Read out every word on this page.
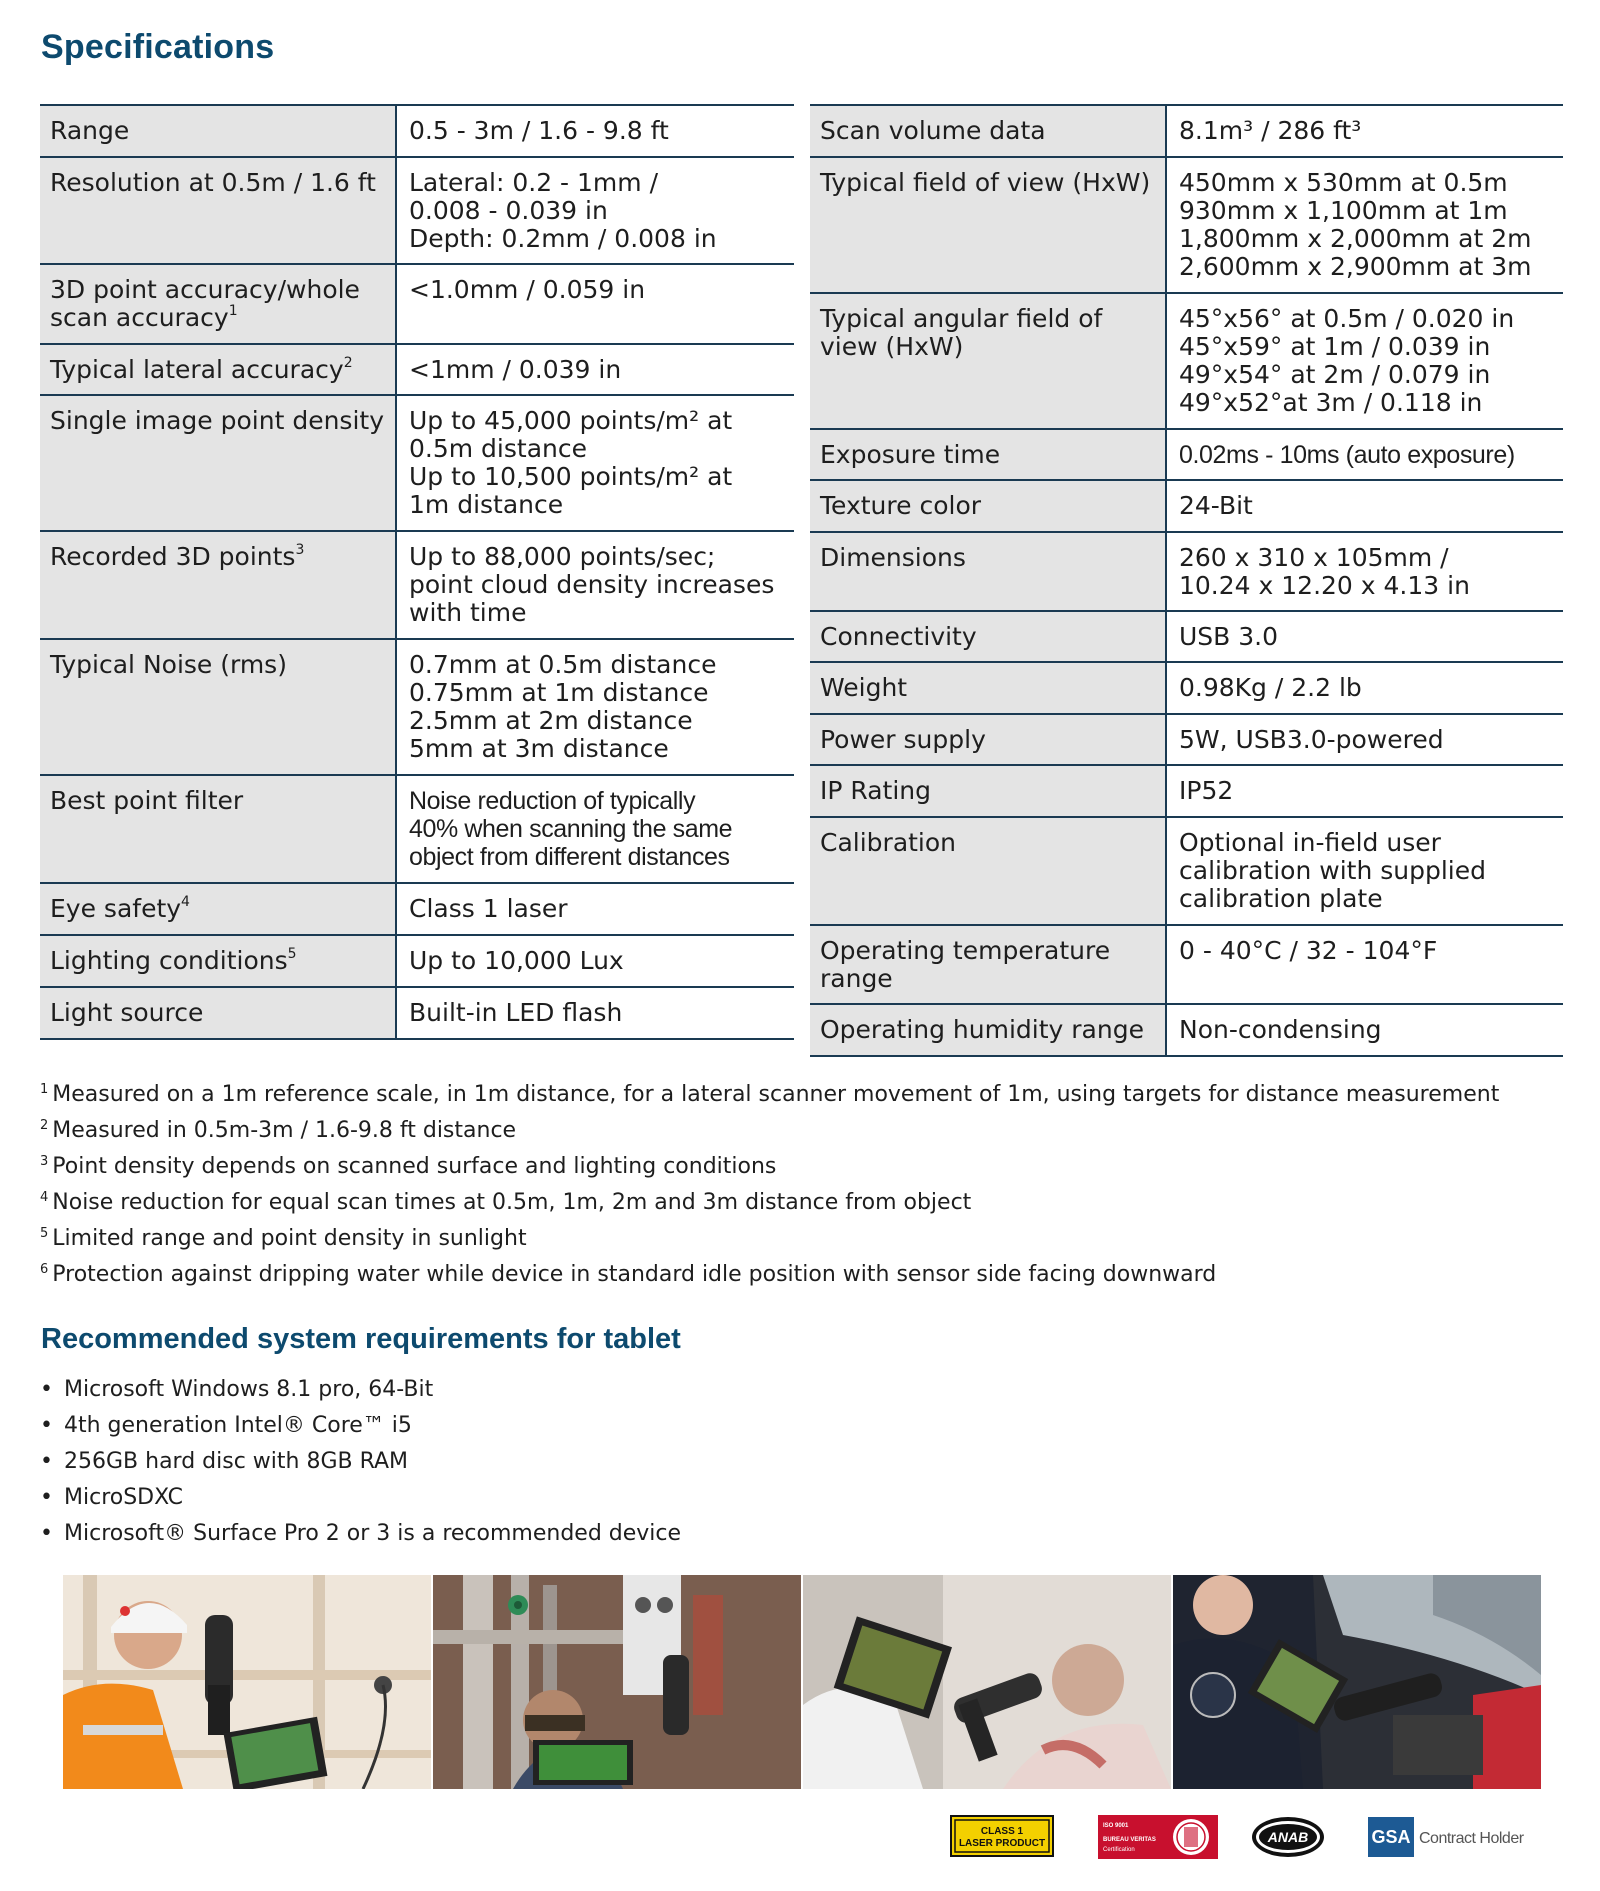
Specifications
Range	0.5 - 3m / 1.6 - 9.8 ft
Resolution at 0.5m / 1.6 ft	Lateral: 0.2 - 1mm /
0.008 - 0.039 in
Depth: 0.2mm / 0.008 in
3D point accuracy/whole scan accuracy$^1$	<1.0mm / 0.059 in
Typical lateral accuracy$^2$	<1mm / 0.039 in
Single image point density	Up to 45,000 points/m² at
0.5m distance
Up to 10,500 points/m² at
1m distance
Recorded 3D points$^3$	Up to 88,000 points/sec;
point cloud density increases
with time
Typical Noise (rms)	0.7mm at 0.5m distance
0.75mm at 1m distance
2.5mm at 2m distance
5mm at 3m distance
Best point filter	Noise reduction of typically
40% when scanning the same
object from different distances
Eye safety$^4$	Class 1 laser
Lighting conditions$^5$	Up to 10,000 Lux
Light source	Built-in LED flash
Scan volume data	8.1m³ / 286 ft³
Typical field of view (HxW)	450mm x 530mm at 0.5m
930mm x 1,100mm at 1m
1,800mm x 2,000mm at 2m
2,600mm x 2,900mm at 3m
Typical angular field of view (HxW)	45°x56° at 0.5m / 0.020 in
45°x59° at 1m / 0.039 in
49°x54° at 2m / 0.079 in
49°x52°at 3m / 0.118 in
Exposure time	0.02ms - 10ms (auto exposure)
Texture color	24-Bit
Dimensions	260 x 310 x 105mm /
10.24 x 12.20 x 4.13 in
Connectivity	USB 3.0
Weight	0.98Kg / 2.2 lb
Power supply	5W, USB3.0-powered
IP Rating	IP52
Calibration	Optional in-field user
calibration with supplied
calibration plate
Operating temperature range	0 - 40°C / 32 - 104°F
Operating humidity range	Non-condensing
$^1$ Measured on a 1m reference scale, in 1m distance, for a lateral scanner movement of 1m, using targets for distance measurement
$^2$ Measured in 0.5m-3m / 1.6-9.8 ft distance
$^3$ Point density depends on scanned surface and lighting conditions
$^4$ Noise reduction for equal scan times at 0.5m, 1m, 2m and 3m distance from object
$^5$ Limited range and point density in sunlight
$^6$ Protection against dripping water while device in standard idle position with sensor side facing downward
Recommended system requirements for tablet
• Microsoft Windows 8.1 pro, 64-Bit
• 4th generation Intel® Core™ i5
• 256GB hard disc with 8GB RAM
• MicroSDXC
• Microsoft® Surface Pro 2 or 3 is a recommended device
CLASS 1
LASER PRODUCT
ISO 9001
BUREAU VERITAS
Certification
ANAB	GSA Contract Holder
